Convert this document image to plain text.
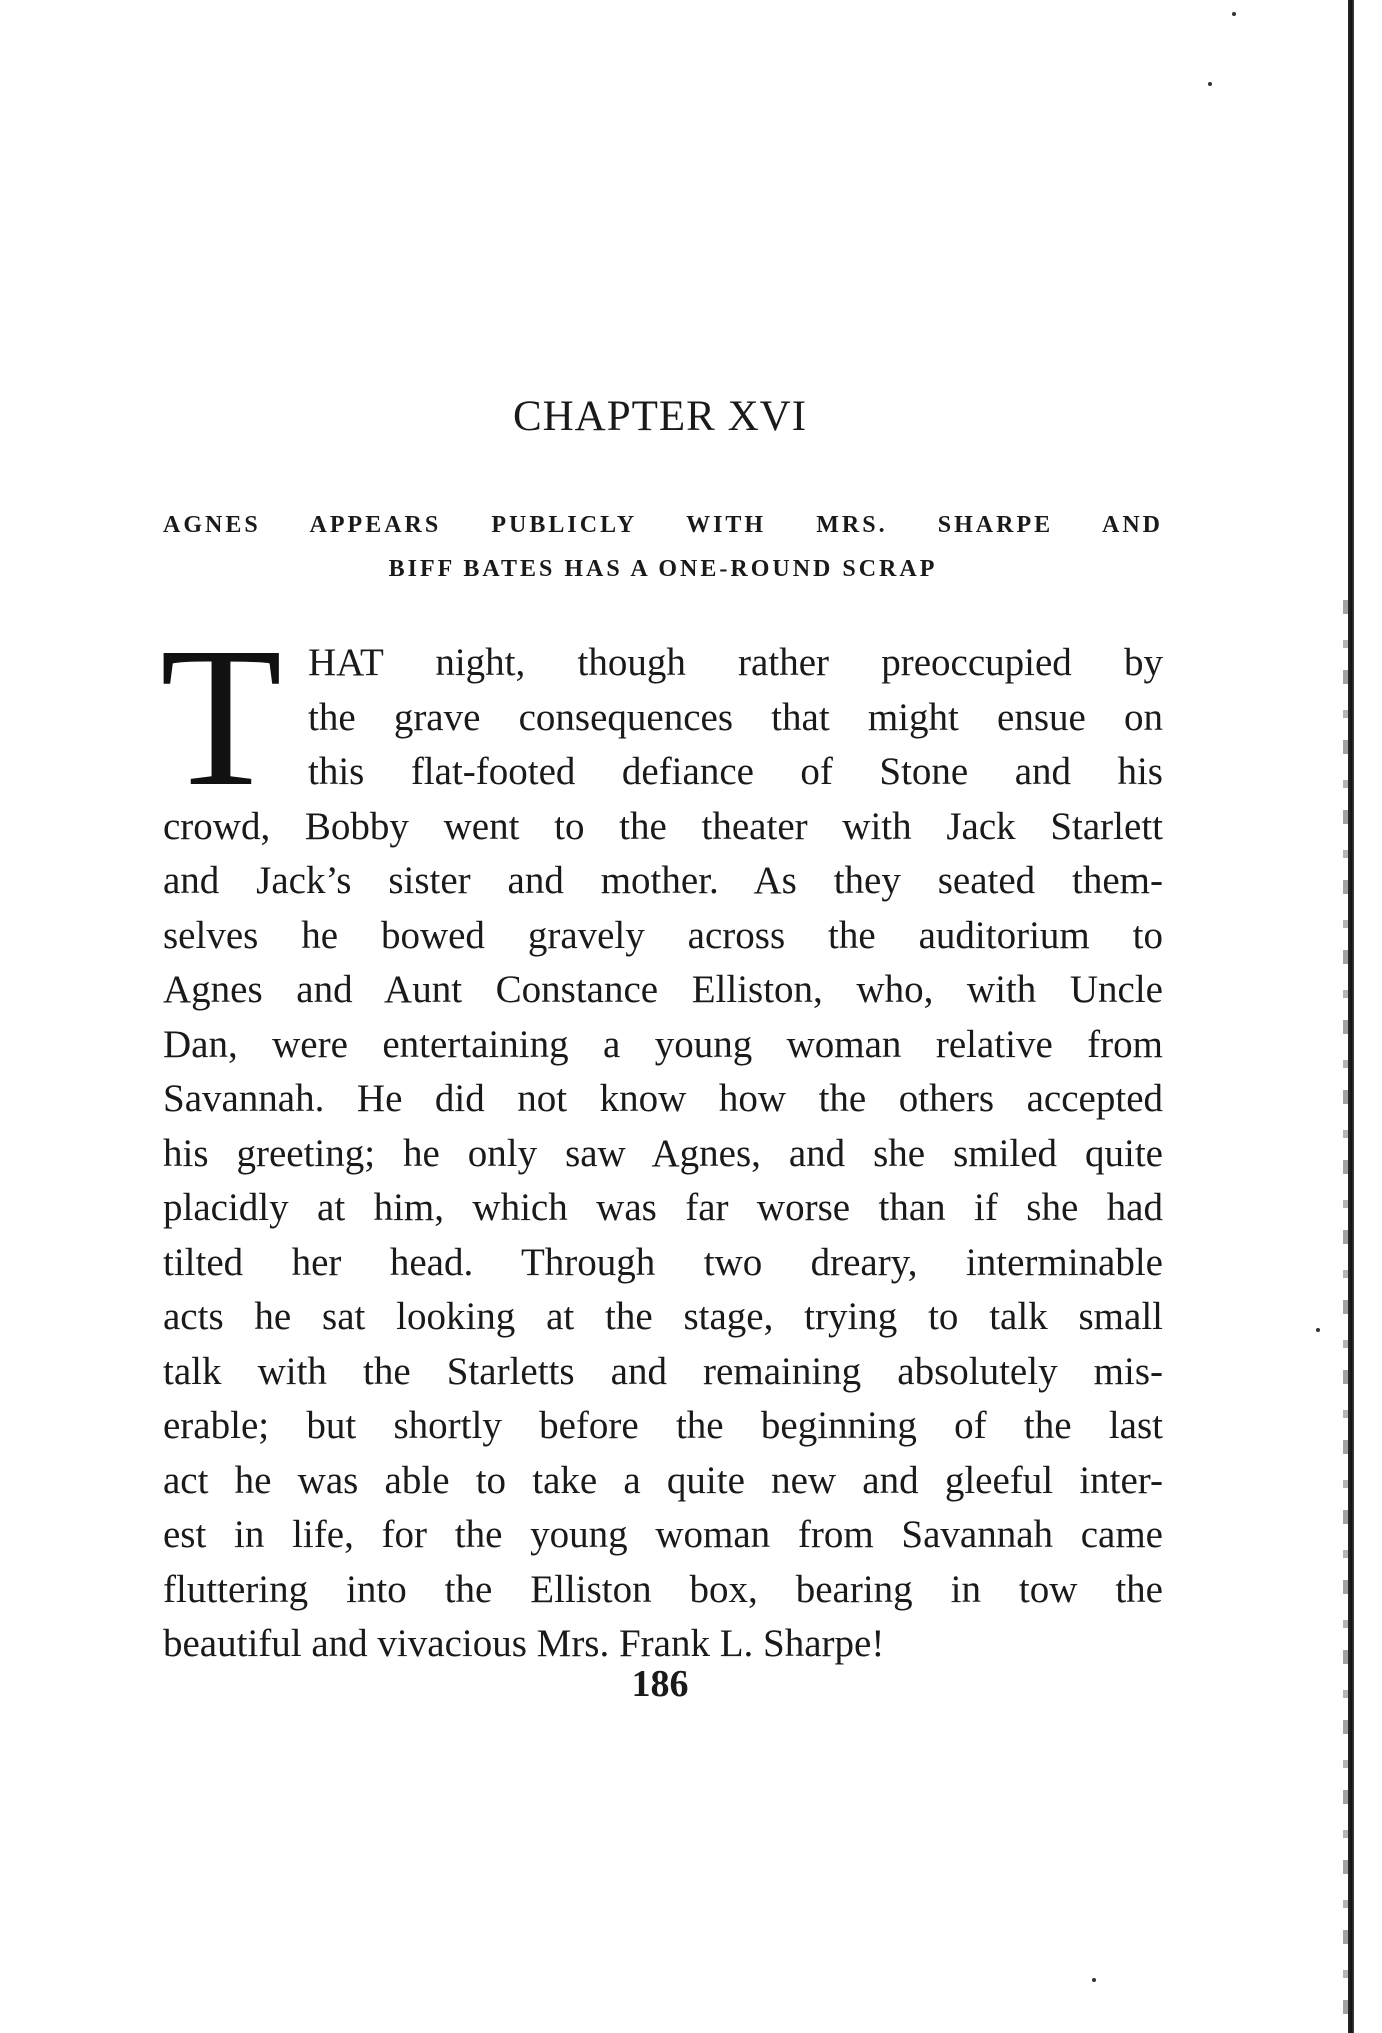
CHAPTER XVI
AGNES APPEARS PUBLICLY WITH MRS. SHARPE AND
BIFF BATES HAS A ONE-ROUND SCRAP
T HAT night, though rather preoccupied by
the grave consequences that might ensue on
this flat-footed defiance of Stone and his
crowd, Bobby went to the theater with Jack Starlett
and Jack’s sister and mother. As they seated them-
selves he bowed gravely across the auditorium to
Agnes and Aunt Constance Elliston, who, with Uncle
Dan, were entertaining a young woman relative from
Savannah. He did not know how the others accepted
his greeting; he only saw Agnes, and she smiled quite
placidly at him, which was far worse than if she had
tilted her head. Through two dreary, interminable
acts he sat looking at the stage, trying to talk small
talk with the Starletts and remaining absolutely mis-
erable; but shortly before the beginning of the last
act he was able to take a quite new and gleeful inter-
est in life, for the young woman from Savannah came
fluttering into the Elliston box, bearing in tow the
beautiful and vivacious Mrs. Frank L. Sharpe!
186
